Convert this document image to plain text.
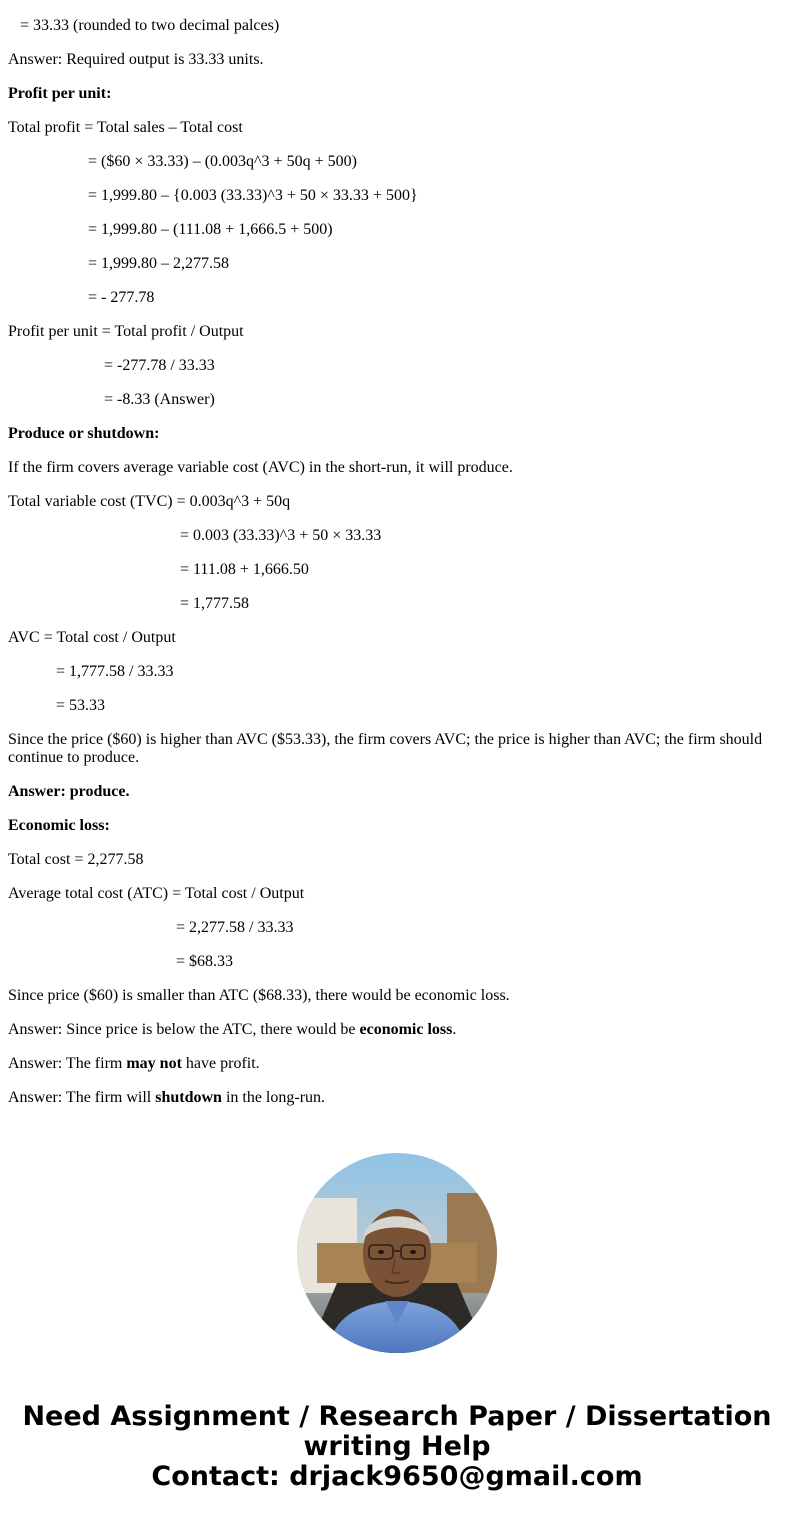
= 33.33 (rounded to two decimal palces)
Answer: Required output is 33.33 units.
Profit per unit:
Total profit = Total sales – Total cost
= ($60 × 33.33) – (0.003q^3 + 50q + 500)
= 1,999.80 – {0.003 (33.33)^3 + 50 × 33.33 + 500}
= 1,999.80 – (111.08 + 1,666.5 + 500)
= 1,999.80 – 2,277.58
= - 277.78
Profit per unit = Total profit / Output
= -277.78 / 33.33
= -8.33 (Answer)
Produce or shutdown:
If the firm covers average variable cost (AVC) in the short-run, it will produce.
Total variable cost (TVC) = 0.003q^3 + 50q
= 0.003 (33.33)^3 + 50 × 33.33
= 111.08 + 1,666.50
= 1,777.58
AVC = Total cost / Output
= 1,777.58 / 33.33
= 53.33
Since the price ($60) is higher than AVC ($53.33), the firm covers AVC; the price is higher than AVC; the firm should continue to produce.
Answer: produce.
Economic loss:
Total cost = 2,277.58
Average total cost (ATC) = Total cost / Output
= 2,277.58 / 33.33
= $68.33
Since price ($60) is smaller than ATC ($68.33), there would be economic loss.
Answer: Since price is below the ATC, there would be economic loss.
Answer: The firm may not have profit.
Answer: The firm will shutdown in the long-run.
Need Assignment / Research Paper / Dissertation
writing Help
Contact: drjack9650@gmail.com
